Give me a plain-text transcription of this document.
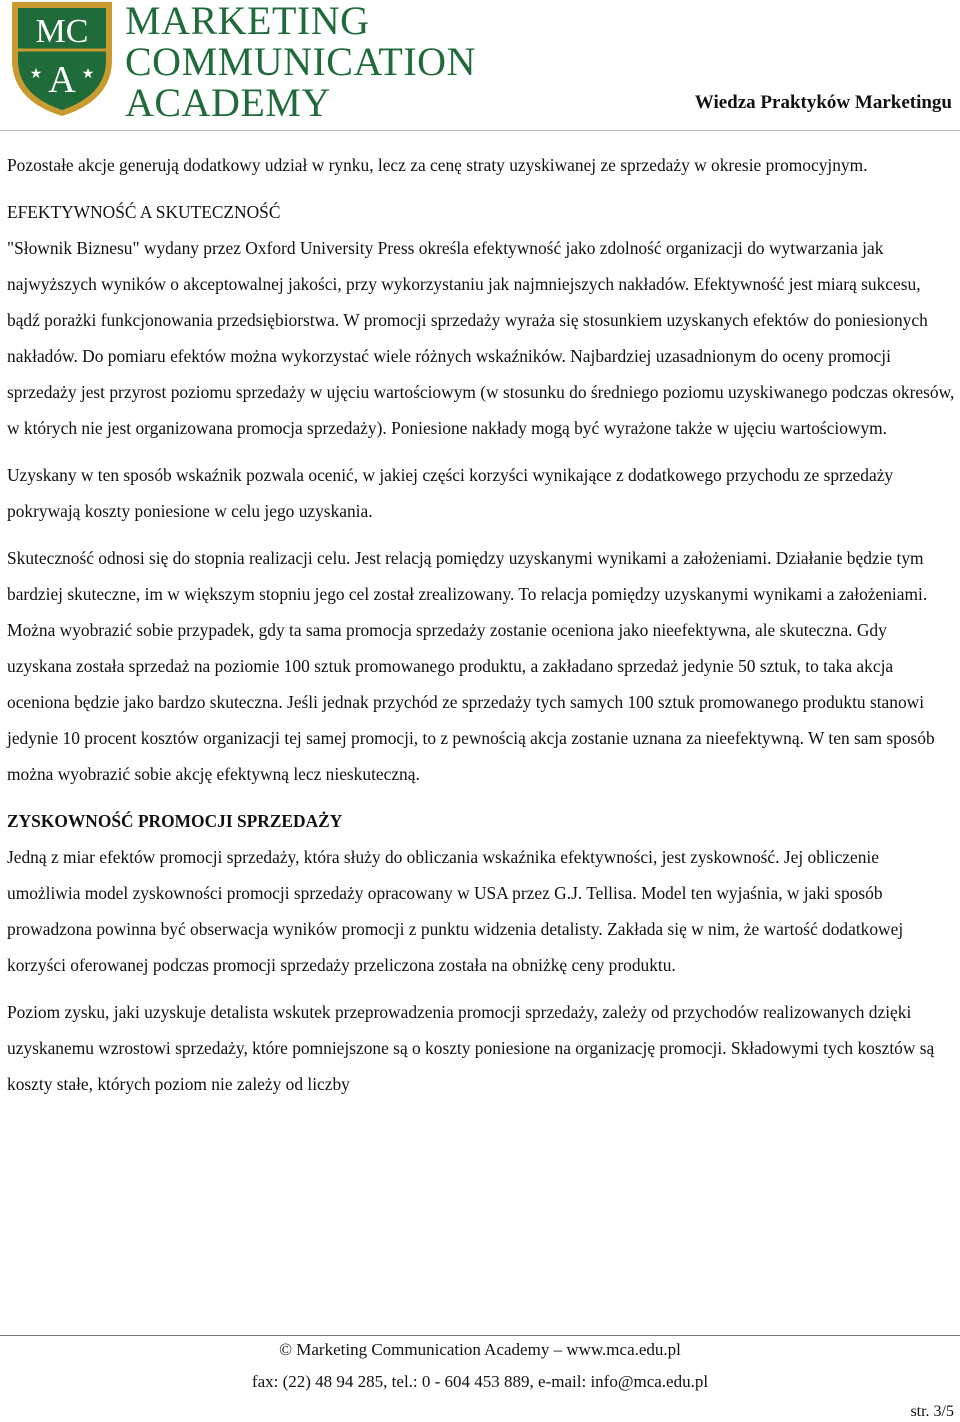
MC
A
★	★
MARKETING
COMMUNICATION
ACADEMY	Wiedza Praktyków Marketingu

Pozostałe akcje generują dodatkowy udział w rynku, lecz za cenę straty uzyskiwanej ze sprzedaży w okresie promocyjnym.

EFEKTYWNOŚĆ A SKUTECZNOŚĆ

"Słownik Biznesu" wydany przez Oxford University Press określa efektywność jako zdolność organizacji do wytwarzania jak najwyższych wyników o akceptowalnej jakości, przy wykorzystaniu jak najmniejszych nakładów. Efektywność jest miarą sukcesu, bądź porażki funkcjonowania przedsiębiorstwa. W promocji sprzedaży wyraża się stosunkiem uzyskanych efektów do poniesionych nakładów. Do pomiaru efektów można wykorzystać wiele różnych wskaźników. Najbardziej uzasadnionym do oceny promocji sprzedaży jest przyrost poziomu sprzedaży w ujęciu wartościowym (w stosunku do średniego poziomu uzyskiwanego podczas okresów, w których nie jest organizowana promocja sprzedaży). Poniesione nakłady mogą być wyrażone także w ujęciu wartościowym.

Uzyskany w ten sposób wskaźnik pozwala ocenić, w jakiej części korzyści wynikające z dodatkowego przychodu ze sprzedaży pokrywają koszty poniesione w celu jego uzyskania.

Skuteczność odnosi się do stopnia realizacji celu. Jest relacją pomiędzy uzyskanymi wynikami a założeniami. Działanie będzie tym bardziej skuteczne, im w większym stopniu jego cel został zrealizowany. To relacja pomiędzy uzyskanymi wynikami a założeniami. Można wyobrazić sobie przypadek, gdy ta sama promocja sprzedaży zostanie oceniona jako nieefektywna, ale skuteczna. Gdy uzyskana została sprzedaż na poziomie 100 sztuk promowanego produktu, a zakładano sprzedaż jedynie 50 sztuk, to taka akcja oceniona będzie jako bardzo skuteczna. Jeśli jednak przychód ze sprzedaży tych samych 100 sztuk promowanego produktu stanowi jedynie 10 procent kosztów organizacji tej samej promocji, to z pewnością akcja zostanie uznana za nieefektywną. W ten sam sposób można wyobrazić sobie akcję efektywną lecz nieskuteczną.

ZYSKOWNOŚĆ PROMOCJI SPRZEDAŻY

Jedną z miar efektów promocji sprzedaży, która służy do obliczania wskaźnika efektywności, jest zyskowność. Jej obliczenie umożliwia model zyskowności promocji sprzedaży opracowany w USA przez G.J. Tellisa. Model ten wyjaśnia, w jaki sposób prowadzona powinna być obserwacja wyników promocji z punktu widzenia detalisty. Zakłada się w nim, że wartość dodatkowej korzyści oferowanej podczas promocji sprzedaży przeliczona została na obniżkę ceny produktu.

Poziom zysku, jaki uzyskuje detalista wskutek przeprowadzenia promocji sprzedaży, zależy od przychodów realizowanych dzięki uzyskanemu wzrostowi sprzedaży, które pomniejszone są o koszty poniesione na organizację promocji. Składowymi tych kosztów są koszty stałe, których poziom nie zależy od liczby

© Marketing Communication Academy – www.mca.edu.pl
fax: (22) 48 94 285, tel.: 0 - 604 453 889, e-mail: info@mca.edu.pl
str. 3/5
